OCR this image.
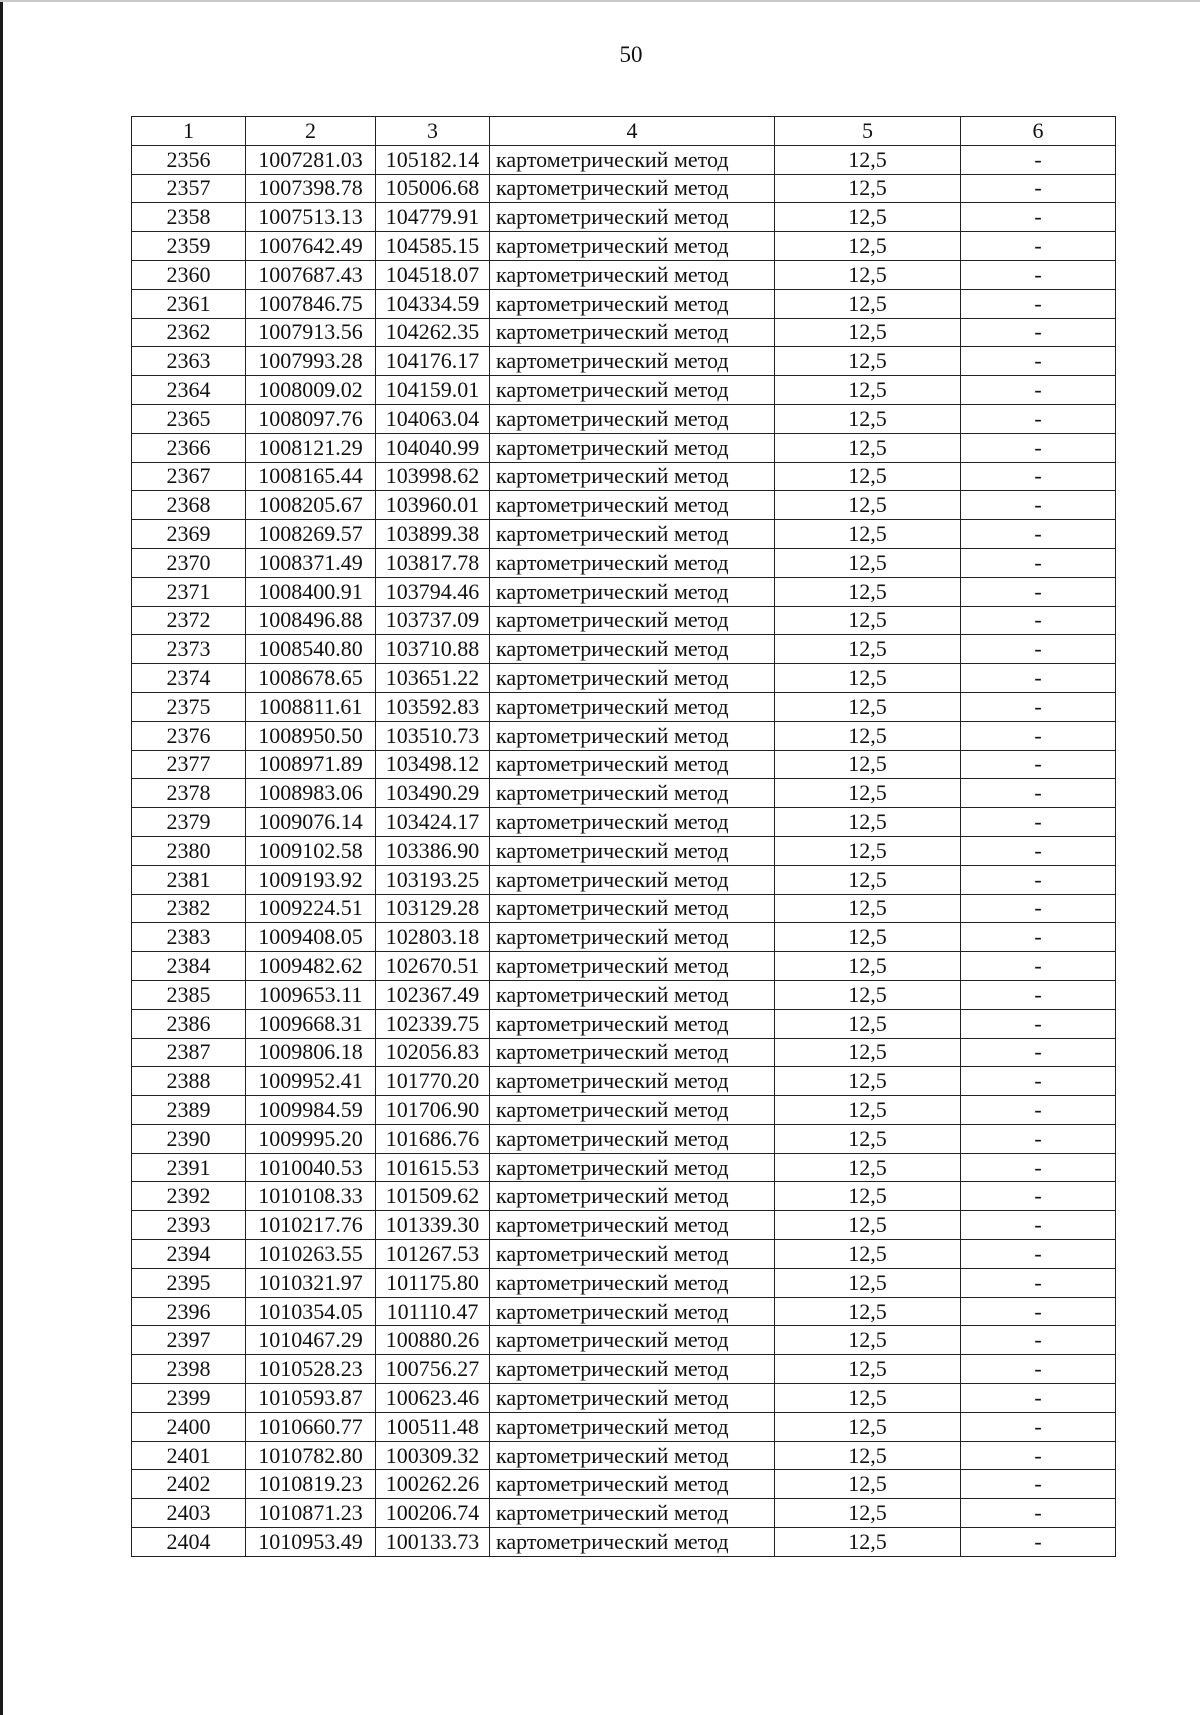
50
1	2	3	4	5	6
2356	1007281.03	105182.14	картометрический метод	12,5	-
2357	1007398.78	105006.68	картометрический метод	12,5	-
2358	1007513.13	104779.91	картометрический метод	12,5	-
2359	1007642.49	104585.15	картометрический метод	12,5	-
2360	1007687.43	104518.07	картометрический метод	12,5	-
2361	1007846.75	104334.59	картометрический метод	12,5	-
2362	1007913.56	104262.35	картометрический метод	12,5	-
2363	1007993.28	104176.17	картометрический метод	12,5	-
2364	1008009.02	104159.01	картометрический метод	12,5	-
2365	1008097.76	104063.04	картометрический метод	12,5	-
2366	1008121.29	104040.99	картометрический метод	12,5	-
2367	1008165.44	103998.62	картометрический метод	12,5	-
2368	1008205.67	103960.01	картометрический метод	12,5	-
2369	1008269.57	103899.38	картометрический метод	12,5	-
2370	1008371.49	103817.78	картометрический метод	12,5	-
2371	1008400.91	103794.46	картометрический метод	12,5	-
2372	1008496.88	103737.09	картометрический метод	12,5	-
2373	1008540.80	103710.88	картометрический метод	12,5	-
2374	1008678.65	103651.22	картометрический метод	12,5	-
2375	1008811.61	103592.83	картометрический метод	12,5	-
2376	1008950.50	103510.73	картометрический метод	12,5	-
2377	1008971.89	103498.12	картометрический метод	12,5	-
2378	1008983.06	103490.29	картометрический метод	12,5	-
2379	1009076.14	103424.17	картометрический метод	12,5	-
2380	1009102.58	103386.90	картометрический метод	12,5	-
2381	1009193.92	103193.25	картометрический метод	12,5	-
2382	1009224.51	103129.28	картометрический метод	12,5	-
2383	1009408.05	102803.18	картометрический метод	12,5	-
2384	1009482.62	102670.51	картометрический метод	12,5	-
2385	1009653.11	102367.49	картометрический метод	12,5	-
2386	1009668.31	102339.75	картометрический метод	12,5	-
2387	1009806.18	102056.83	картометрический метод	12,5	-
2388	1009952.41	101770.20	картометрический метод	12,5	-
2389	1009984.59	101706.90	картометрический метод	12,5	-
2390	1009995.20	101686.76	картометрический метод	12,5	-
2391	1010040.53	101615.53	картометрический метод	12,5	-
2392	1010108.33	101509.62	картометрический метод	12,5	-
2393	1010217.76	101339.30	картометрический метод	12,5	-
2394	1010263.55	101267.53	картометрический метод	12,5	-
2395	1010321.97	101175.80	картометрический метод	12,5	-
2396	1010354.05	101110.47	картометрический метод	12,5	-
2397	1010467.29	100880.26	картометрический метод	12,5	-
2398	1010528.23	100756.27	картометрический метод	12,5	-
2399	1010593.87	100623.46	картометрический метод	12,5	-
2400	1010660.77	100511.48	картометрический метод	12,5	-
2401	1010782.80	100309.32	картометрический метод	12,5	-
2402	1010819.23	100262.26	картометрический метод	12,5	-
2403	1010871.23	100206.74	картометрический метод	12,5	-
2404	1010953.49	100133.73	картометрический метод	12,5	-
